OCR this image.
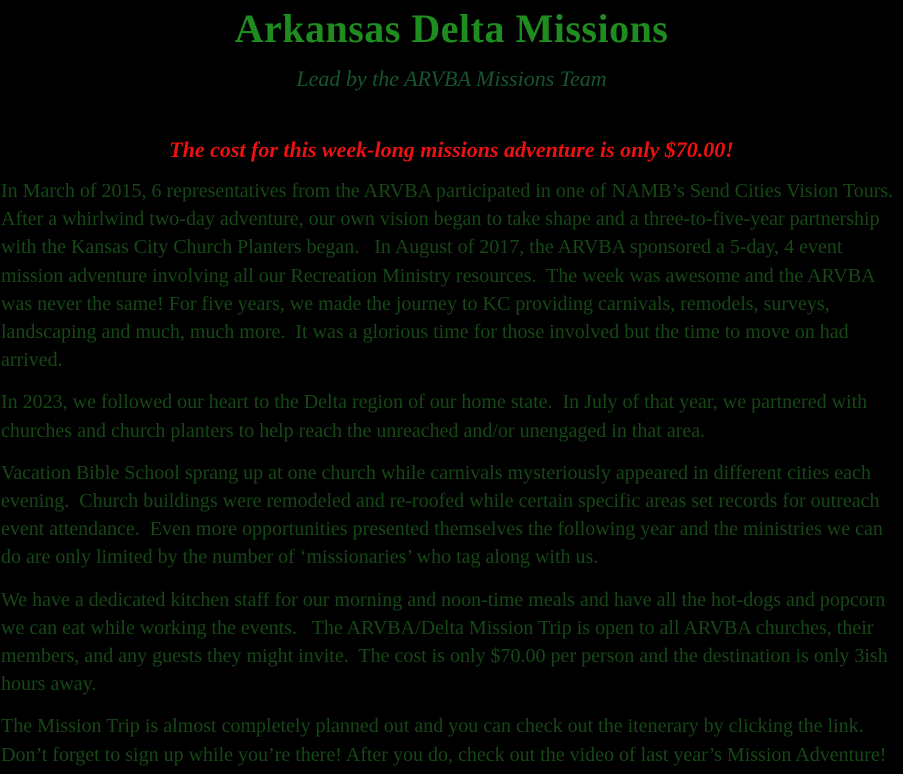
Arkansas Delta Missions
Lead by the ARVBA Missions Team

The cost for this week-long missions adventure is only $70.00!

In March of 2015, 6 representatives from the ARVBA participated in one of NAMB’s Send Cities Vision Tours.  After a whirlwind two-day adventure, our own vision began to take shape and a three-to-five-year partnership with the Kansas City Church Planters began.   In August of 2017, the ARVBA sponsored a 5-day, 4 event mission adventure involving all our Recreation Ministry resources.  The week was awesome and the ARVBA was never the same! For five years, we made the journey to KC providing carnivals, remodels, surveys, landscaping and much, much more.  It was a glorious time for those involved but the time to move on had arrived.

In 2023, we followed our heart to the Delta region of our home state.  In July of that year, we partnered with churches and church planters to help reach the unreached and/or unengaged in that area.

Vacation Bible School sprang up at one church while carnivals mysteriously appeared in different cities each evening.  Church buildings were remodeled and re-roofed while certain specific areas set records for outreach event attendance.  Even more opportunities presented themselves the following year and the ministries we can do are only limited by the number of ‘missionaries’ who tag along with us.

We have a dedicated kitchen staff for our morning and noon-time meals and have all the hot-dogs and popcorn we can eat while working the events.   The ARVBA/Delta Mission Trip is open to all ARVBA churches, their members, and any guests they might invite.  The cost is only $70.00 per person and the destination is only 3ish hours away.

The Mission Trip is almost completely planned out and you can check out the itenerary by clicking the link.  Don’t forget to sign up while you’re there! After you do, check out the video of last year’s Mission Adventure!
